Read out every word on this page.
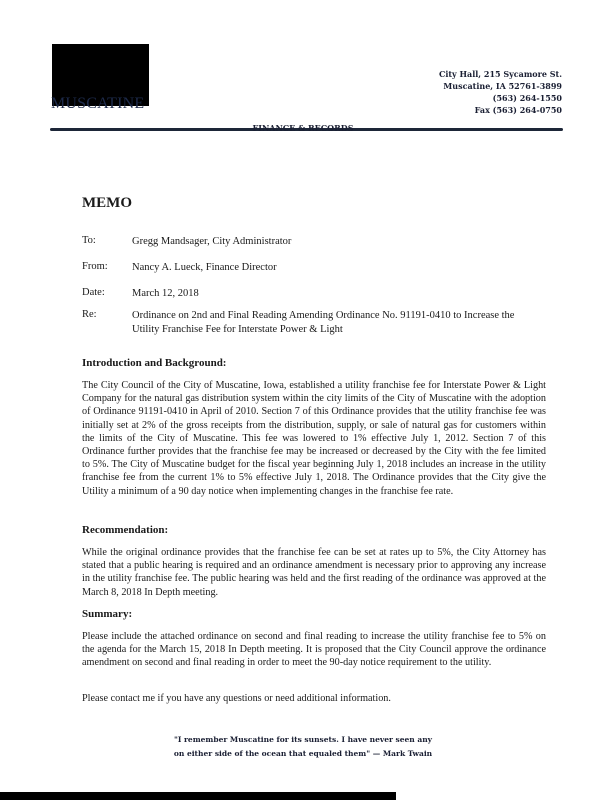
MUSCATINE
City Hall, 215 Sycamore St.
Muscatine, IA 52761-3899
(563) 264-1550
Fax (563) 264-0750
FINANCE & RECORDS
MEMO
To:	Gregg Mandsager, City Administrator
From: Nancy A. Lueck, Finance Director
Date:	March 12, 2018
Re:	Ordinance on 2nd and Final Reading Amending Ordinance No. 91191-0410 to Increase the Utility Franchise Fee for Interstate Power & Light
Introduction and Background:
The City Council of the City of Muscatine, Iowa, established a utility franchise fee for Interstate Power & Light Company for the natural gas distribution system within the city limits of the City of Muscatine with the adoption of Ordinance 91191-0410 in April of 2010. Section 7 of this Ordinance provides that the utility franchise fee was initially set at 2% of the gross receipts from the distribution, supply, or sale of natural gas for customers within the limits of the City of Muscatine. This fee was lowered to 1% effective July 1, 2012. Section 7 of this Ordinance further provides that the franchise fee may be increased or decreased by the City with the fee limited to 5%. The City of Muscatine budget for the fiscal year beginning July 1, 2018 includes an increase in the utility franchise fee from the current 1% to 5% effective July 1, 2018. The Ordinance provides that the City give the Utility a minimum of a 90 day notice when implementing changes in the franchise fee rate.
Recommendation:
While the original ordinance provides that the franchise fee can be set at rates up to 5%, the City Attorney has stated that a public hearing is required and an ordinance amendment is necessary prior to approving any increase in the utility franchise fee. The public hearing was held and the first reading of the ordinance was approved at the March 8, 2018 In Depth meeting.
Summary:
Please include the attached ordinance on second and final reading to increase the utility franchise fee to 5% on the agenda for the March 15, 2018 In Depth meeting. It is proposed that the City Council approve the ordinance amendment on second and final reading in order to meet the 90-day notice requirement to the utility.
Please contact me if you have any questions or need additional information.
"I remember Muscatine for its sunsets. I have never seen any
on either side of the ocean that equaled them" — Mark Twain
